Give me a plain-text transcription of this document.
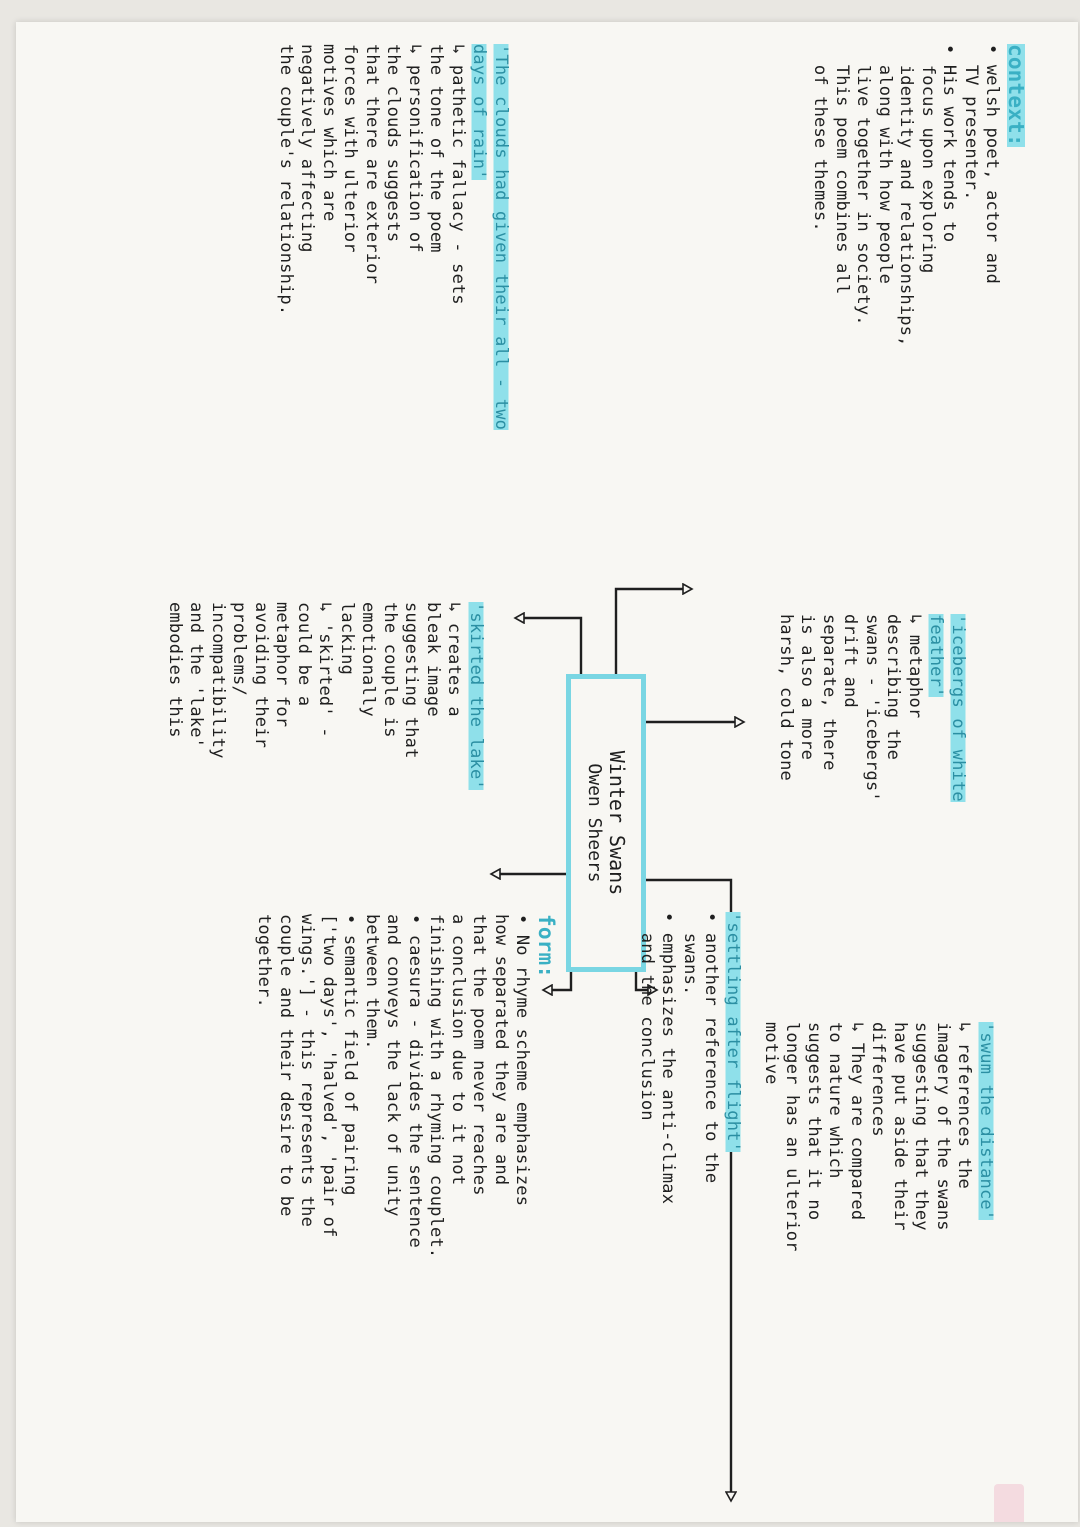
Winter Swans
Owen Sheers

context:

• welsh poet, actor and

TV presenter.

• His work tends to

focus upon exploring

identity and relationships,

along with how people

live together in society.

This poem combines all

of these themes.

'The clouds had given their all - two days of rain'

↳ pathetic fallacy - sets

the tone of the poem

↳ personification of

the clouds suggests

that there are exterior

forces with ulterior

motives which are

negatively affecting

the couple's relationship.

'icebergs of white feather'

↳ metaphor

describing the

swans - 'icebergs'

drift and

separate, there

is also a more

harsh, cold tone

'skirted the lake'

↳ creates a

bleak image

suggesting that

the couple is

emotionally

lacking

↳ 'skirted' -

could be a

metaphor for

avoiding their

problems/

incompatibility

and the 'lake'

embodies this

'swum the distance'

↳ references the

imagery of the swans

suggesting that they

have put aside their

differences

↳ They are compared

to nature which

suggests that it no

longer has an ulterior

motive

'settling after flight'

• another reference to the

swans.

• emphasizes the anti-climax

and the conclusion

form:

• No rhyme scheme emphasizes

how separated they are and

that the poem never reaches

a conclusion due to it not

finishing with a rhyming couplet.

• caesura - divides the sentence

and conveys the lack of unity

between them.

• semantic field of pairing

['two days', 'halved', 'pair of

wings.'] - this represents the

couple and their desire to be

together.
